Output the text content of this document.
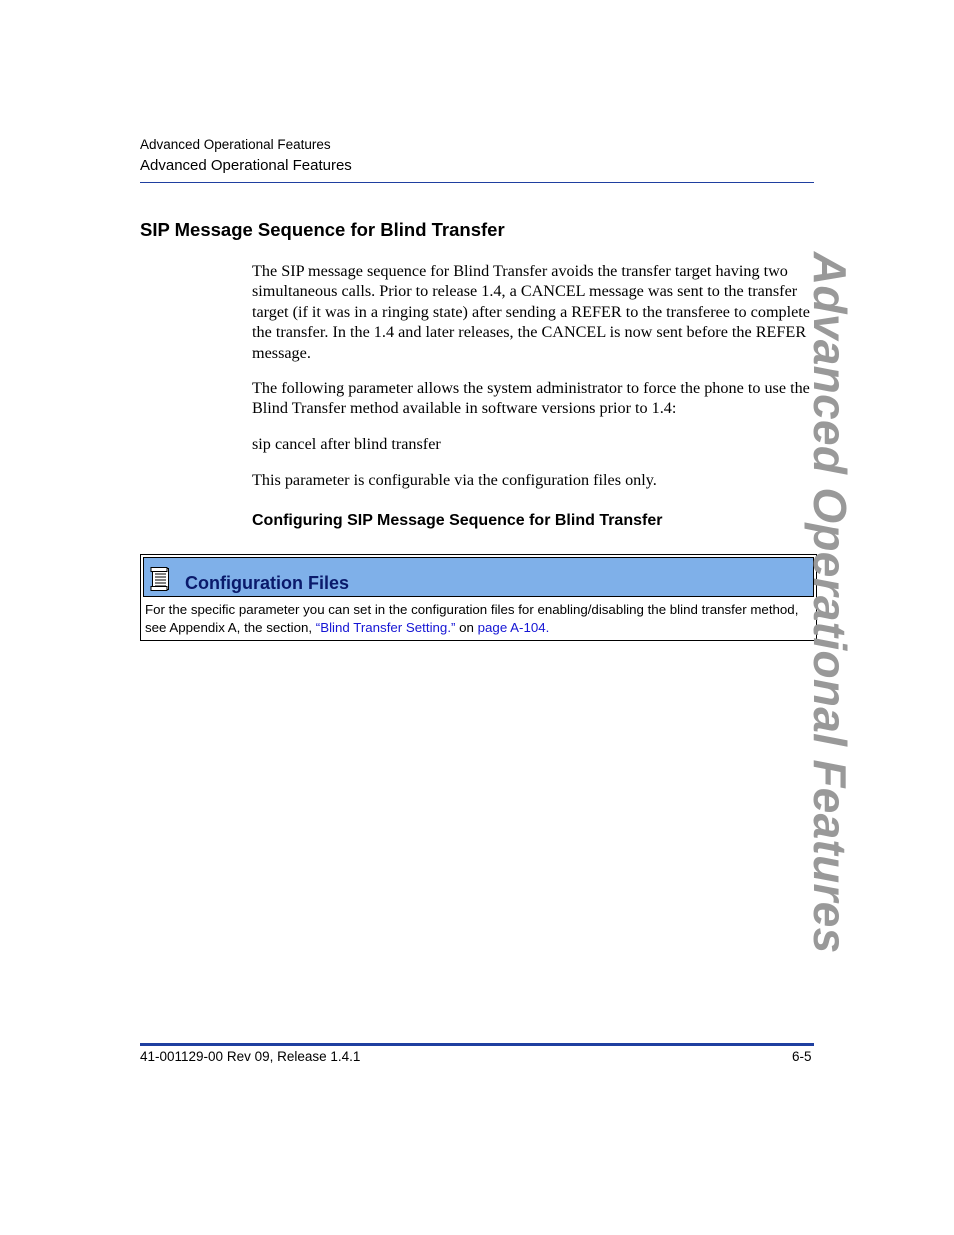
Advanced Operational Features
Advanced Operational Features
SIP Message Sequence for Blind Transfer

The SIP message sequence for Blind Transfer avoids the transfer target having two simultaneous calls. Prior to release 1.4, a CANCEL message was sent to the transfer target (if it was in a ringing state) after sending a REFER to the transferee to complete the transfer. In the 1.4 and later releases, the CANCEL is now sent before the REFER message.

The following parameter allows the system administrator to force the phone to use the Blind Transfer method available in software versions prior to 1.4:

sip cancel after blind transfer

This parameter is configurable via the configuration files only.

Configuring SIP Message Sequence for Blind Transfer
Configuration Files

For the specific parameter you can set in the configuration files for enabling/disabling the blind transfer method, see Appendix A, the section, “Blind Transfer Setting.” on page A-104.	Advanced Operational Features
41-001129-00 Rev 09, Release 1.4.1	6-5
